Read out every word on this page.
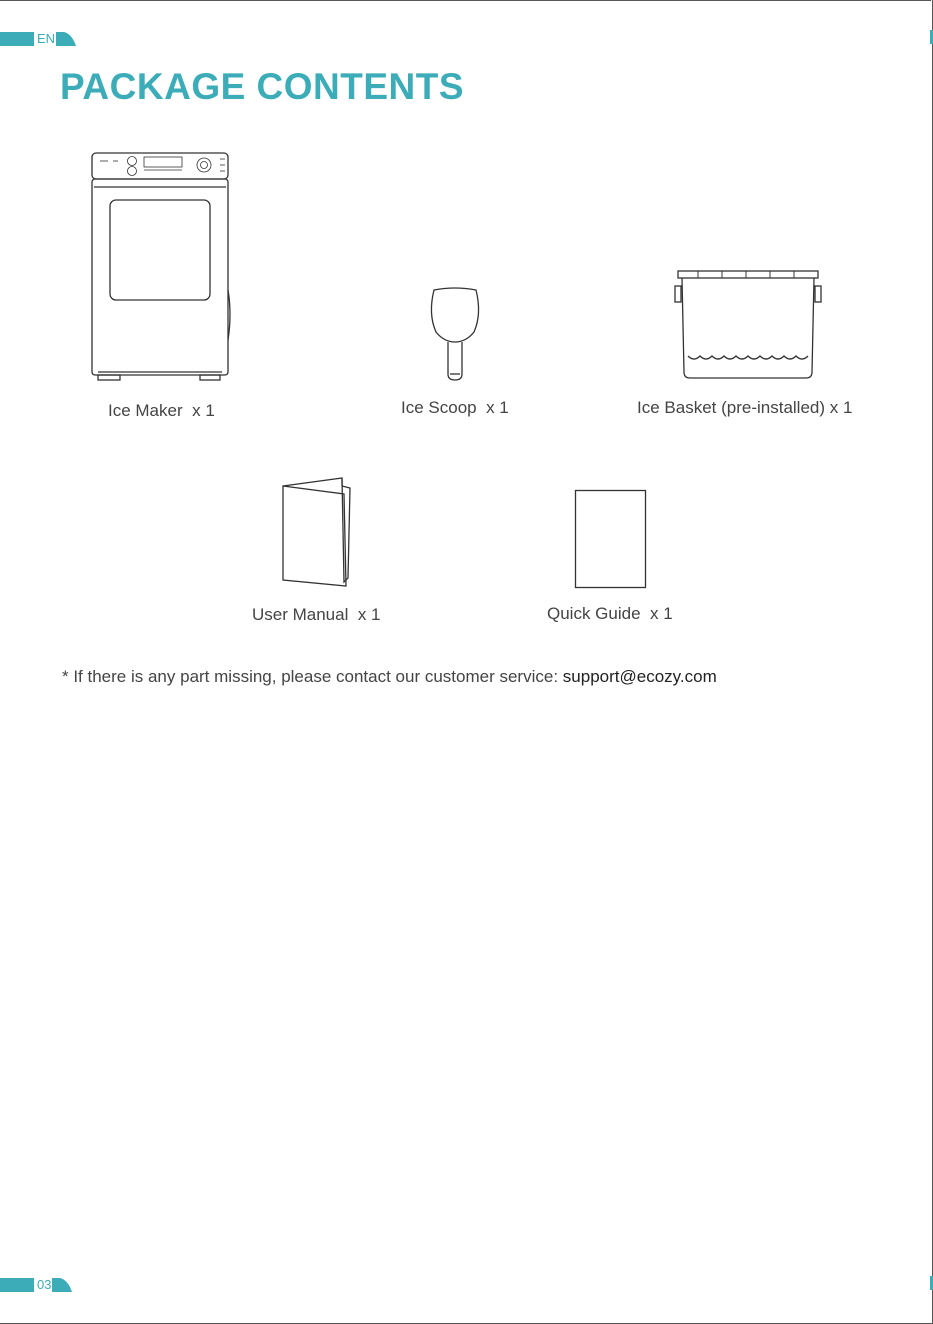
EN
PACKAGE CONTENTS
Ice Maker x 1	Ice Scoop x 1	Ice Basket (pre-installed) x 1
User Manual x 1	Quick Guide x 1
* If there is any part missing, please contact our customer service: support@ecozy.com
03
